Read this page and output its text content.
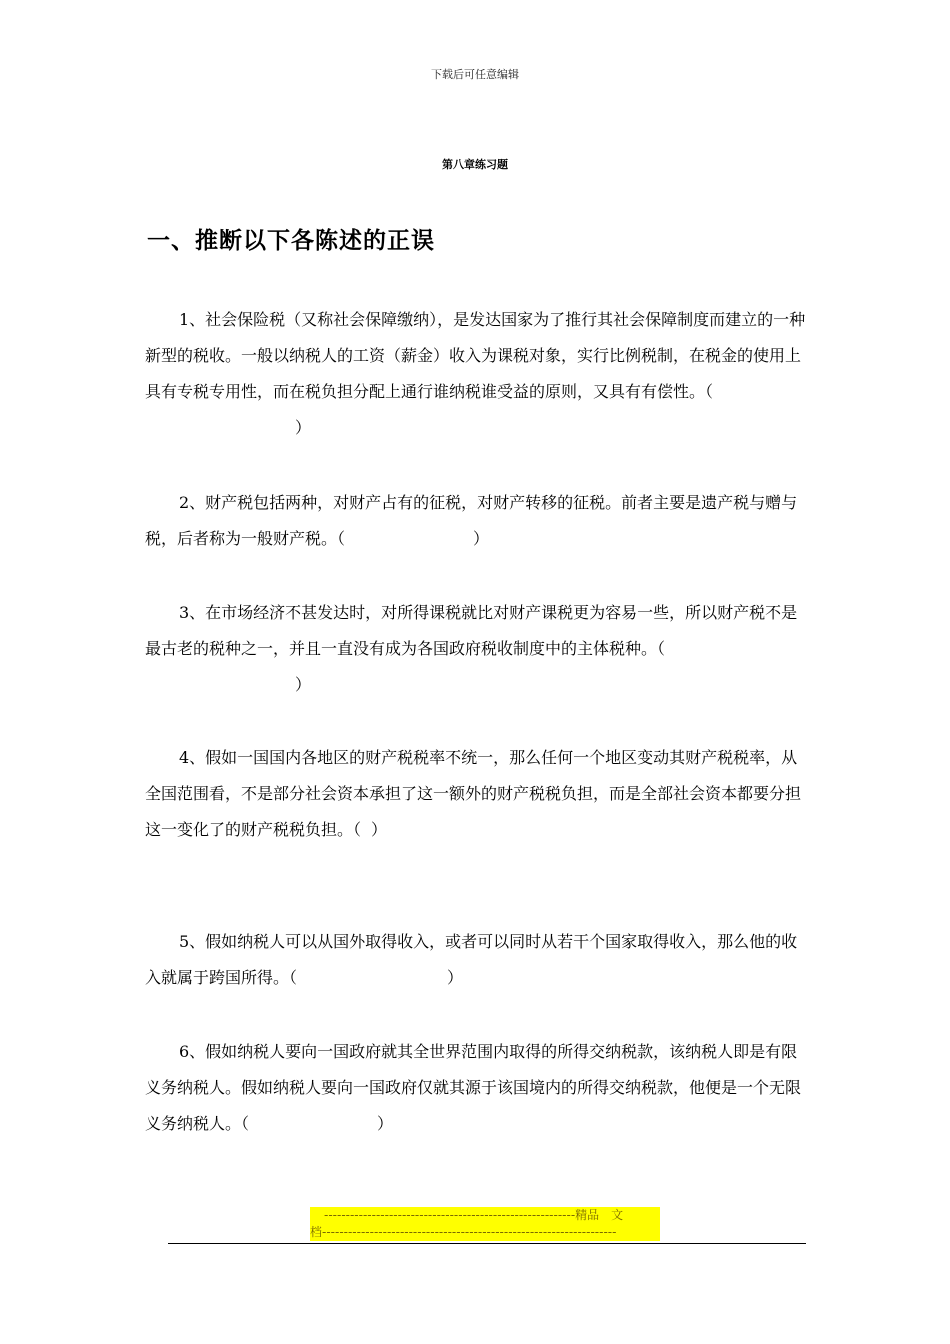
下载后可任意编辑
第八章练习题
一、推断以下各陈述的正误

1、社会保险税（又称社会保障缴纳），是发达国家为了推行其社会保障制度而建立的一种新型的税收。一般以纳税人的工资（薪金）收入为课税对象，实行比例税制，在税金的使用上具有专税专用性，而在税负担分配上通行谁纳税谁受益的原则，又具有有偿性。（）

2、财产税包括两种，对财产占有的征税，对财产转移的征税。前者主要是遗产税与赠与税，后者称为一般财产税。（	）

3、在市场经济不甚发达时，对所得课税就比对财产课税更为容易一些，所以财产税不是最古老的税种之一，并且一直没有成为各国政府税收制度中的主体税种。（）

4、假如一国国内各地区的财产税税率不统一，那么任何一个地区变动其财产税税率，从全国范围看，不是部分社会资本承担了这一额外的财产税税负担，而是全部社会资本都要分担这一变化了的财产税税负担。（ ）

5、假如纳税人可以从国外取得收入，或者可以同时从若干个国家取得收入，那么他的收入就属于跨国所得。（	）

6、假如纳税人要向一国政府就其全世界范围内取得的所得交纳税款，该纳税人即是有限义务纳税人。假如纳税人要向一国政府仅就其源于该国境内的所得交纳税款，他便是一个无限义务纳税人。（	）

----------------------------------------------------------精品　文
档--------------------------------------------------------------------
